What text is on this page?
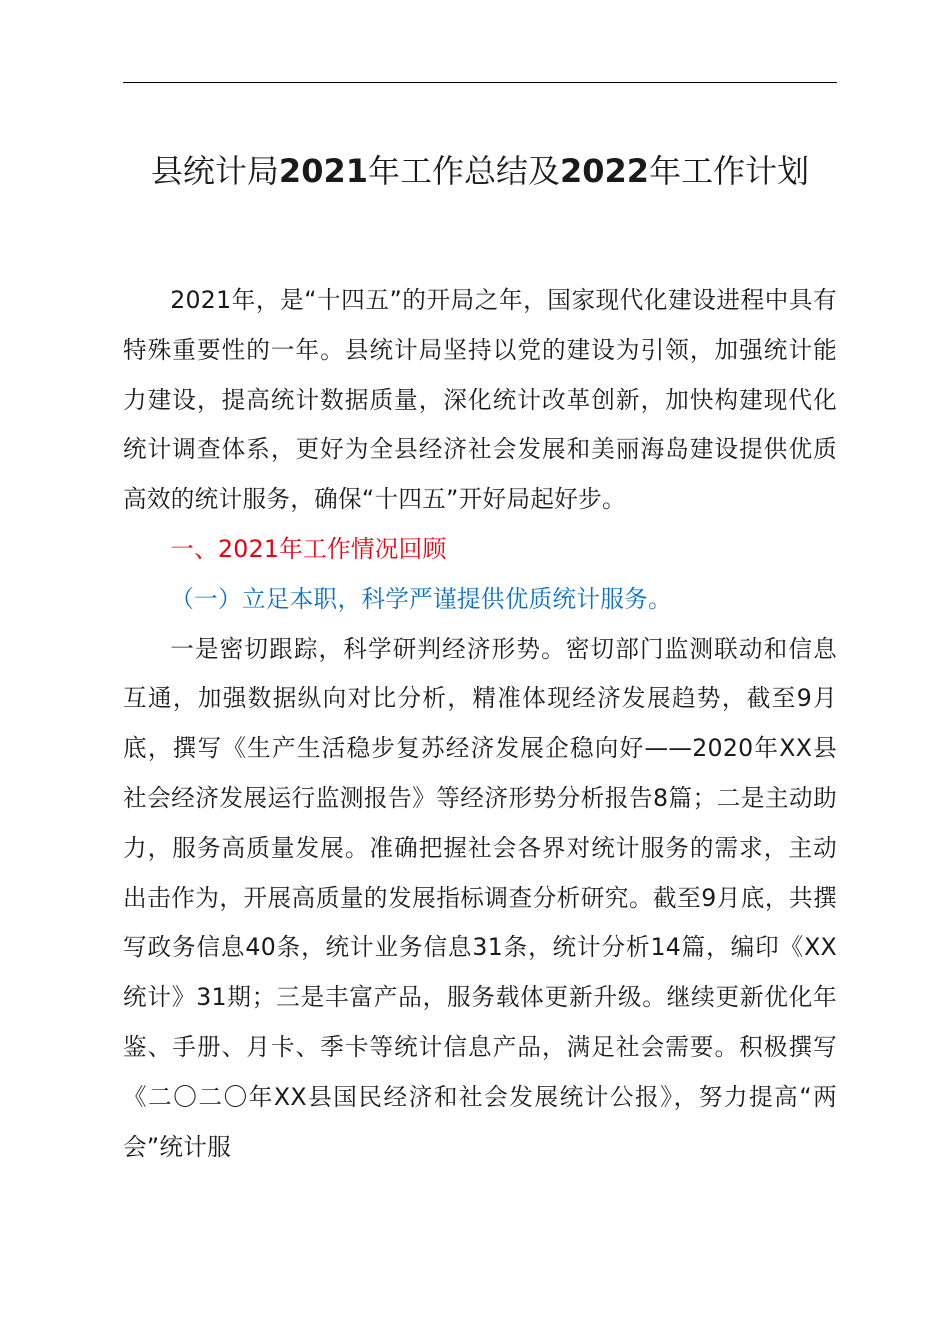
县统计局2021年工作总结及2022年工作计划

2021年，是“十四五”的开局之年，国家现代化建设进程中具有特殊重要性的一年。县统计局坚持以党的建设为引领，加强统计能力建设，提高统计数据质量，深化统计改革创新，加快构建现代化统计调查体系，更好为全县经济社会发展和美丽海岛建设提供优质高效的统计服务，确保“十四五”开好局起好步。

一、2021年工作情况回顾

（一）立足本职，科学严谨提供优质统计服务。

一是密切跟踪，科学研判经济形势。密切部门监测联动和信息互通，加强数据纵向对比分析，精准体现经济发展趋势，截至9月底，撰写《生产生活稳步复苏经济发展企稳向好——2020年XX县社会经济发展运行监测报告》等经济形势分析报告8篇；二是主动助力，服务高质量发展。准确把握社会各界对统计服务的需求，主动出击作为，开展高质量的发展指标调查分析研究。截至9月底，共撰写政务信息40条，统计业务信息31条，统计分析14篇，编印《XX统计》31期；三是丰富产品，服务载体更新升级。继续更新优化年鉴、手册、月卡、季卡等统计信息产品，满足社会需要。积极撰写《二〇二〇年XX县国民经济和社会发展统计公报》，努力提高“两会”统计服
